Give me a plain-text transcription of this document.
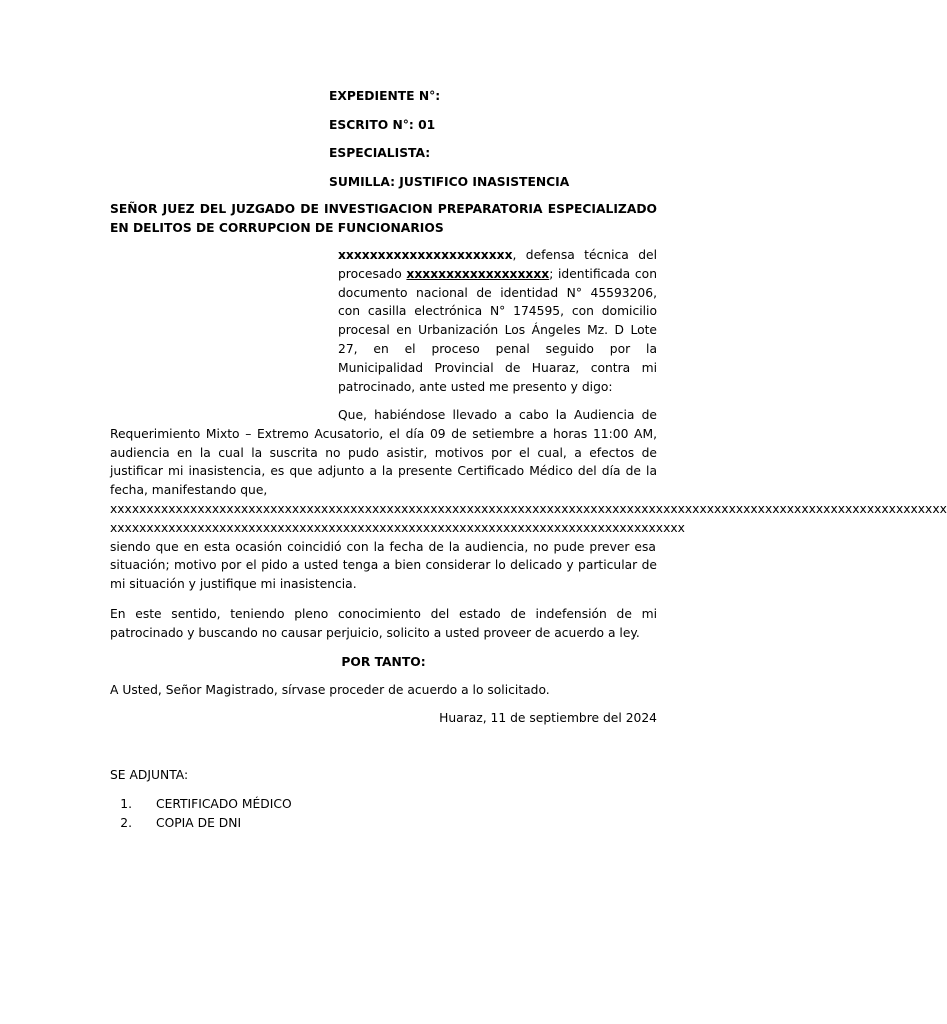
EXPEDIENTE N°:
ESCRITO N°: 01
ESPECIALISTA:
SUMILLA: JUSTIFICO INASISTENCIA
SEÑOR JUEZ DEL JUZGADO DE INVESTIGACION PREPARATORIA ESPECIALIZADO EN DELITOS DE CORRUPCION DE FUNCIONARIOS
xxxxxxxxxxxxxxxxxxxxxx, defensa técnica del procesado xxxxxxxxxxxxxxxxxx; identificada con documento nacional de identidad N° 45593206, con casilla electrónica N° 174595, con domicilio procesal en Urbanización Los Ángeles Mz. D Lote 27, en el proceso penal seguido por la Municipalidad Provincial de Huaraz, contra mi patrocinado, ante usted me presento y digo:
Que, habiéndose llevado a cabo la Audiencia de Requerimiento Mixto – Extremo Acusatorio, el día 09 de setiembre a horas 11:00 AM, audiencia en la cual la suscrita no pudo asistir, motivos por el cual, a efectos de justificar mi inasistencia, es que adjunto a la presente Certificado Médico del día de la fecha, manifestando que,
xxxxxxxxxxxxxxxxxxxxxxxxxxxxxxxxxxxxxxxxxxxxxxxxxxxxxxxxxxxxxxxxxxxxxxxxxxxxxxxxxxxxxxxxxxxxxxxxxxxxxxxxxxxxxxxxxxx
xxxxxxxxxxxxxxxxxxxxxxxxxxxxxxxxxxxxxxxxxxxxxxxxxxxxxxxxxxxxxxxxxxxxxxxxxxxxxxx siendo que en esta ocasión coincidió con la fecha de la audiencia, no pude prever esa situación; motivo por el pido a usted tenga a bien considerar lo delicado y particular de mi situación y justifique mi inasistencia.
En este sentido, teniendo pleno conocimiento del estado de indefensión de mi patrocinado y buscando no causar perjuicio, solicito a usted proveer de acuerdo a ley.
POR TANTO:
A Usted, Señor Magistrado, sírvase proceder de acuerdo a lo solicitado.
Huaraz, 11 de septiembre del 2024
SE ADJUNTA:
1. CERTIFICADO MÉDICO
2. COPIA DE DNI
